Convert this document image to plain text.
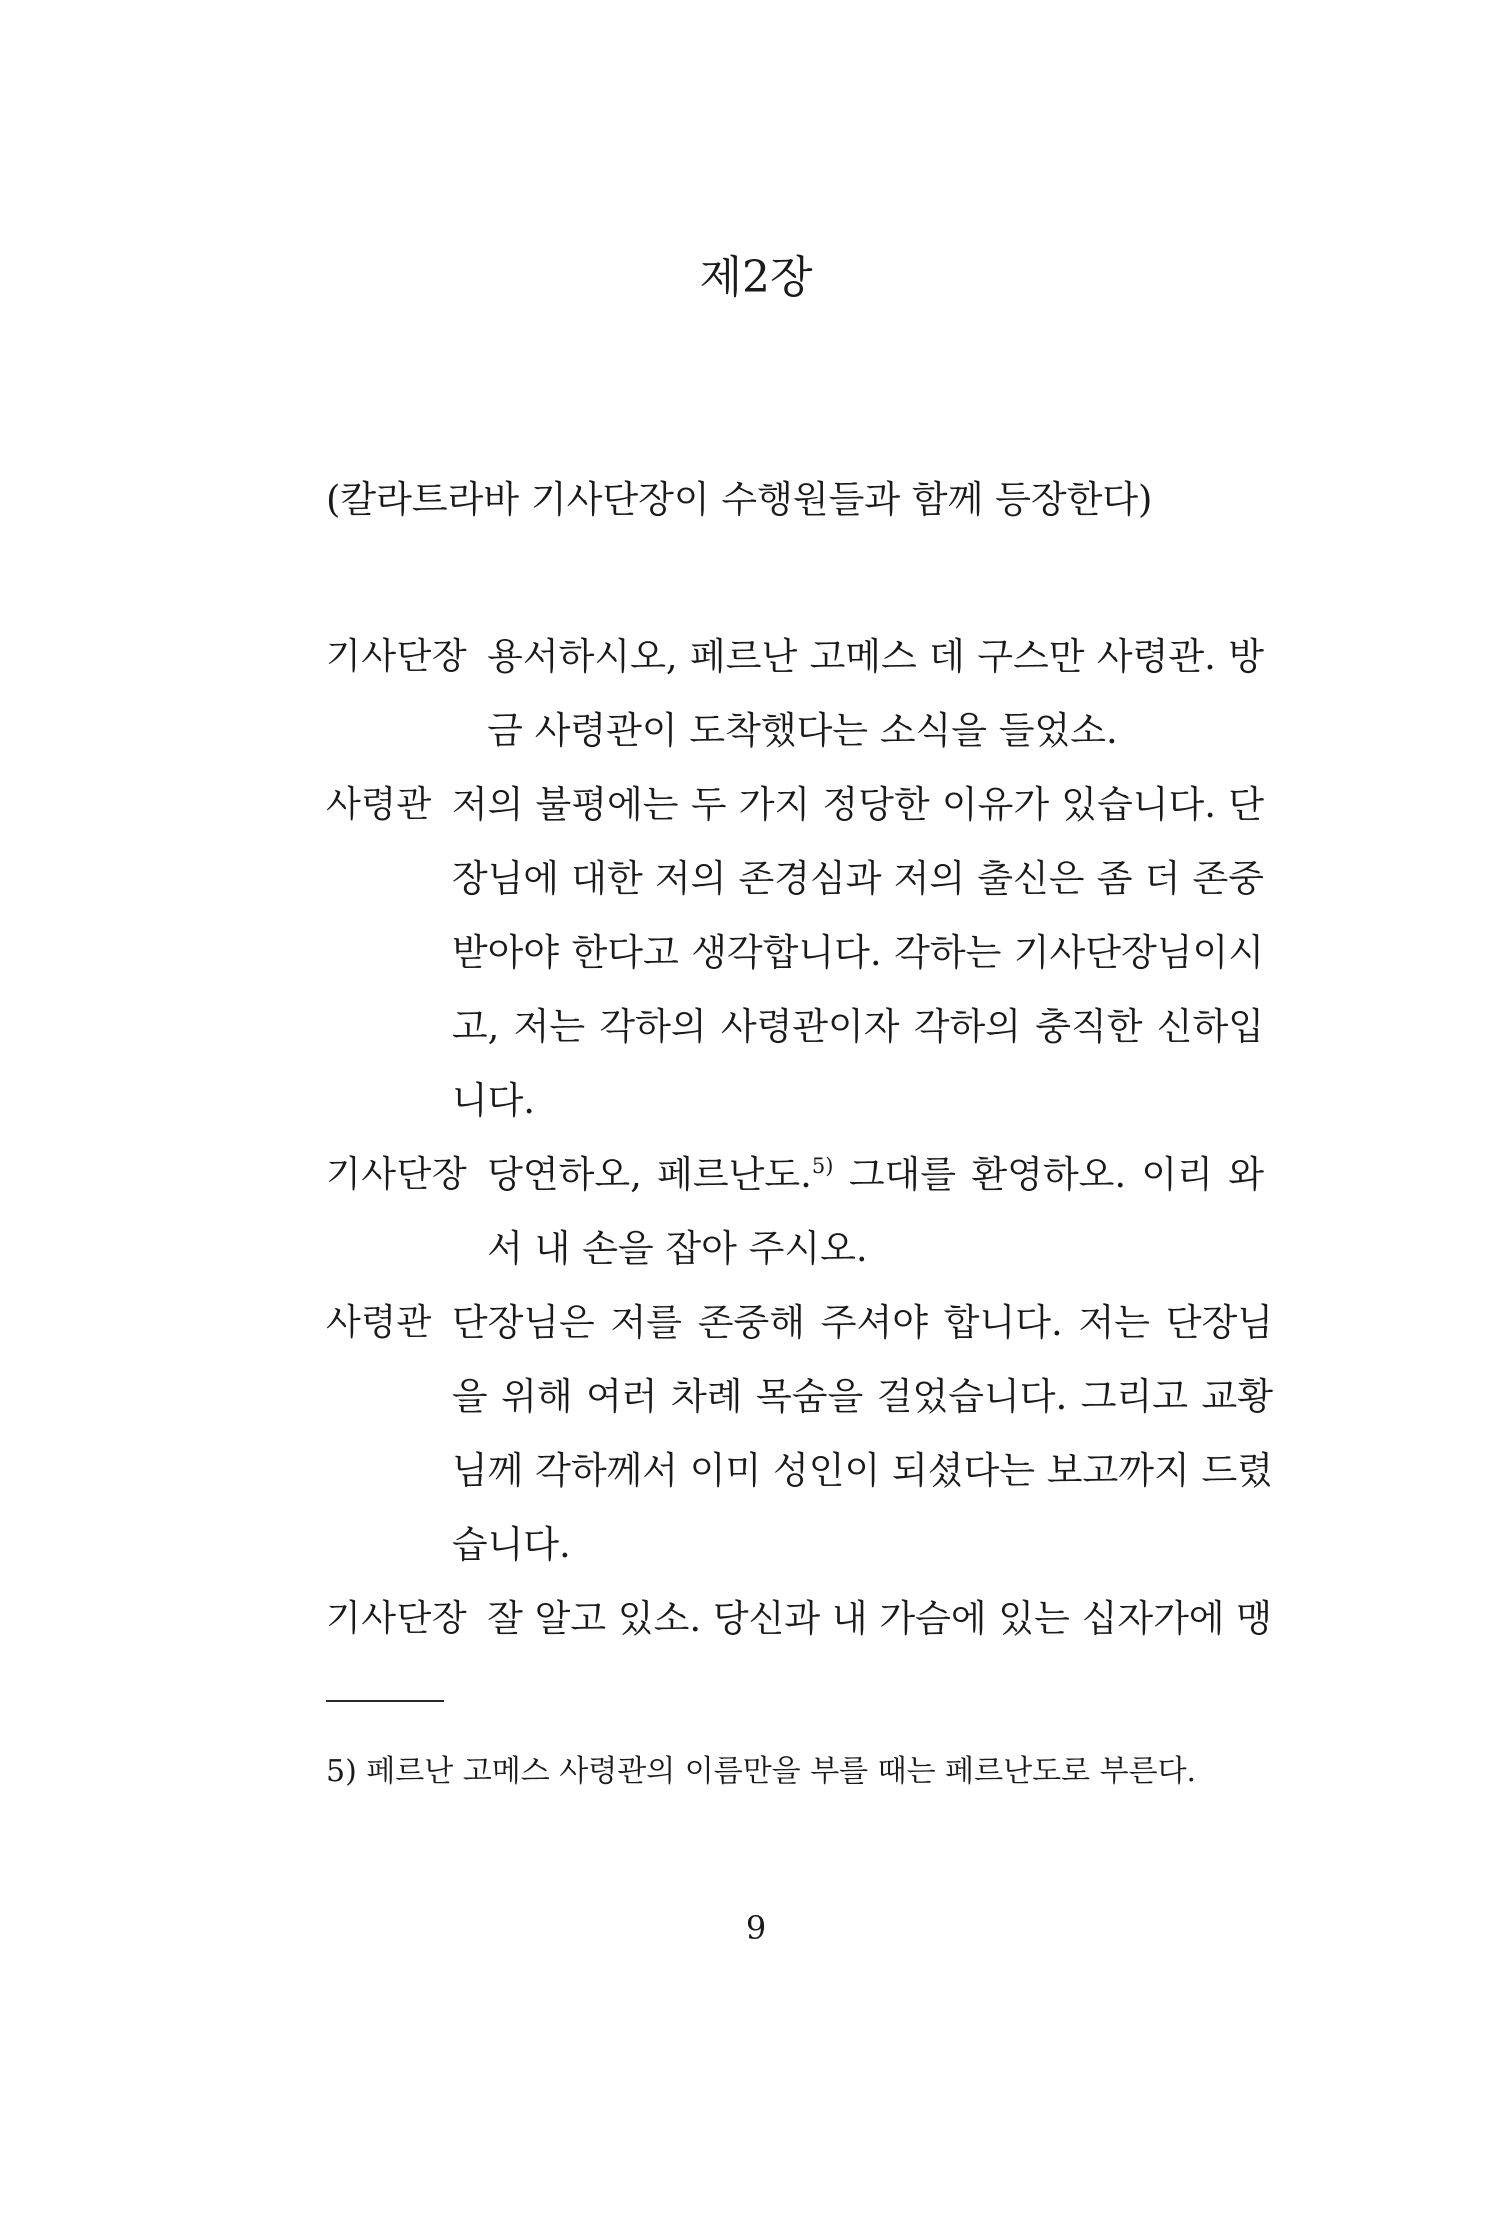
제2장
(칼라트라바 기사단장이 수행원들과 함께 등장한다)
기사단장 용서하시오, 페르난 고메스 데 구스만 사령관. 방
금 사령관이 도착했다는 소식을 들었소.
사령관 저의 불평에는 두 가지 정당한 이유가 있습니다. 단
장님에 대한 저의 존경심과 저의 출신은 좀 더 존중
받아야 한다고 생각합니다. 각하는 기사단장님이시
고, 저는 각하의 사령관이자 각하의 충직한 신하입
니다.
기사단장 당연하오, 페르난도.$^{5)}$ 그대를 환영하오. 이리 와
서 내 손을 잡아 주시오.
사령관 단장님은 저를 존중해 주셔야 합니다. 저는 단장님
을 위해 여러 차례 목숨을 걸었습니다. 그리고 교황
님께 각하께서 이미 성인이 되셨다는 보고까지 드렸
습니다.
기사단장 잘 알고 있소. 당신과 내 가슴에 있는 십자가에 맹
5) 페르난 고메스 사령관의 이름만을 부를 때는 페르난도로 부른다.
9
